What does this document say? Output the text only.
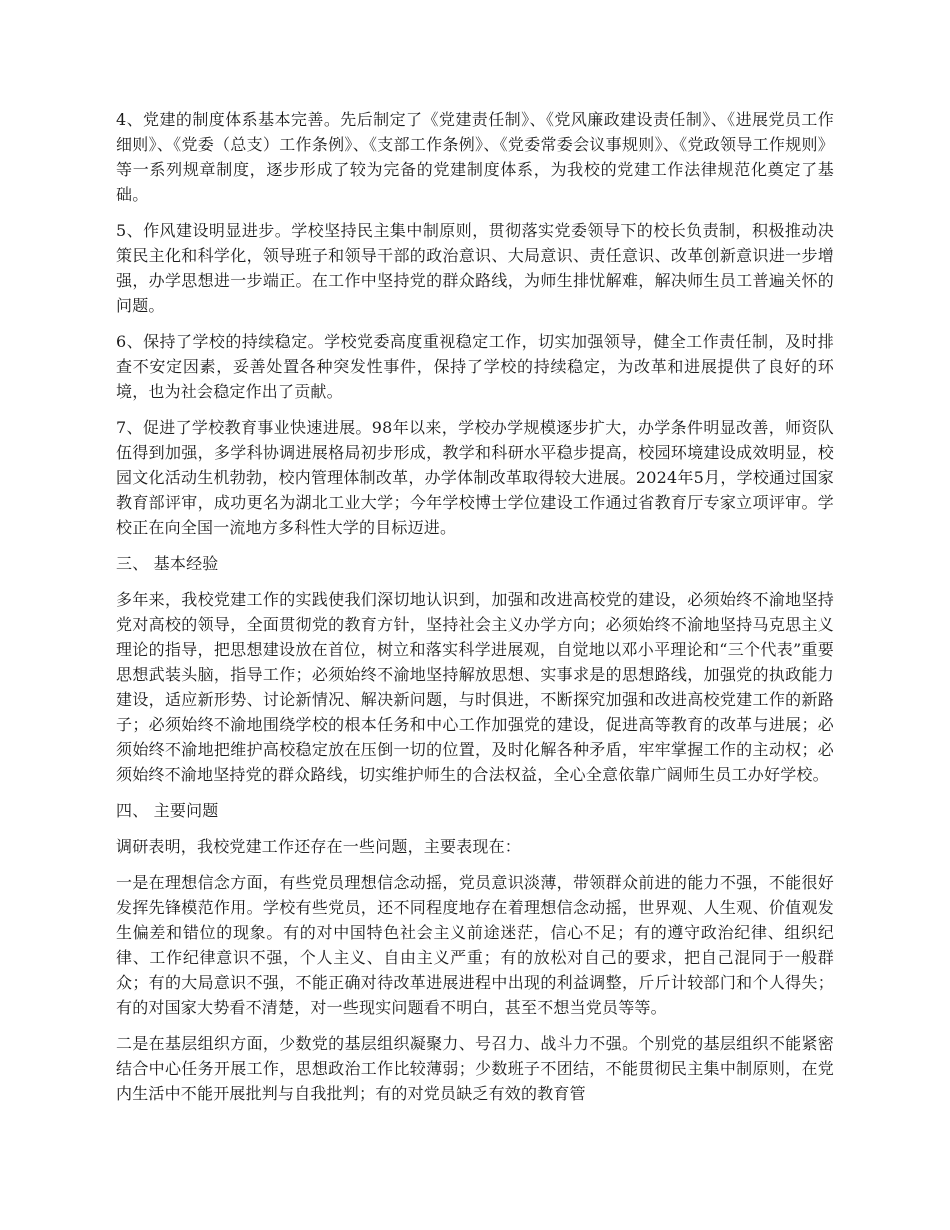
4、党建的制度体系基本完善。先后制定了《党建责任制》、《党风廉政建设责任制》、《进展党员工作细则》、《党委（总支）工作条例》、《支部工作条例》、《党委常委会议事规则》、《党政领导工作规则》等一系列规章制度，逐步形成了较为完备的党建制度体系，为我校的党建工作法律规范化奠定了基础。

5、作风建设明显进步。学校坚持民主集中制原则，贯彻落实党委领导下的校长负责制，积极推动决策民主化和科学化，领导班子和领导干部的政治意识、大局意识、责任意识、改革创新意识进一步增强，办学思想进一步端正。在工作中坚持党的群众路线，为师生排忧解难，解决师生员工普遍关怀的问题。

6、保持了学校的持续稳定。学校党委高度重视稳定工作，切实加强领导，健全工作责任制，及时排查不安定因素，妥善处置各种突发性事件，保持了学校的持续稳定，为改革和进展提供了良好的环境，也为社会稳定作出了贡献。

7、促进了学校教育事业快速进展。98年以来，学校办学规模逐步扩大，办学条件明显改善，师资队伍得到加强，多学科协调进展格局初步形成，教学和科研水平稳步提高，校园环境建设成效明显，校园文化活动生机勃勃，校内管理体制改革，办学体制改革取得较大进展。2024年5月，学校通过国家教育部评审，成功更名为湖北工业大学；今年学校博士学位建设工作通过省教育厅专家立项评审。学校正在向全国一流地方多科性大学的目标迈进。

三、 基本经验

多年来，我校党建工作的实践使我们深切地认识到，加强和改进高校党的建设，必须始终不渝地坚持党对高校的领导，全面贯彻党的教育方针，坚持社会主义办学方向；必须始终不渝地坚持马克思主义理论的指导，把思想建设放在首位，树立和落实科学进展观，自觉地以邓小平理论和“三个代表”重要思想武装头脑，指导工作；必须始终不渝地坚持解放思想、实事求是的思想路线，加强党的执政能力建设，适应新形势、讨论新情况、解决新问题，与时俱进，不断探究加强和改进高校党建工作的新路子；必须始终不渝地围绕学校的根本任务和中心工作加强党的建设，促进高等教育的改革与进展；必须始终不渝地把维护高校稳定放在压倒一切的位置，及时化解各种矛盾，牢牢掌握工作的主动权；必须始终不渝地坚持党的群众路线，切实维护师生的合法权益，全心全意依靠广阔师生员工办好学校。

四、 主要问题

调研表明，我校党建工作还存在一些问题，主要表现在：

一是在理想信念方面，有些党员理想信念动摇，党员意识淡薄，带领群众前进的能力不强，不能很好发挥先锋模范作用。学校有些党员，还不同程度地存在着理想信念动摇，世界观、人生观、价值观发生偏差和错位的现象。有的对中国特色社会主义前途迷茫，信心不足；有的遵守政治纪律、组织纪律、工作纪律意识不强，个人主义、自由主义严重；有的放松对自己的要求，把自己混同于一般群众；有的大局意识不强，不能正确对待改革进展进程中出现的利益调整，斤斤计较部门和个人得失；有的对国家大势看不清楚，对一些现实问题看不明白，甚至不想当党员等等。

二是在基层组织方面，少数党的基层组织凝聚力、号召力、战斗力不强。个别党的基层组织不能紧密结合中心任务开展工作，思想政治工作比较薄弱；少数班子不团结，不能贯彻民主集中制原则，在党内生活中不能开展批判与自我批判；有的对党员缺乏有效的教育管
